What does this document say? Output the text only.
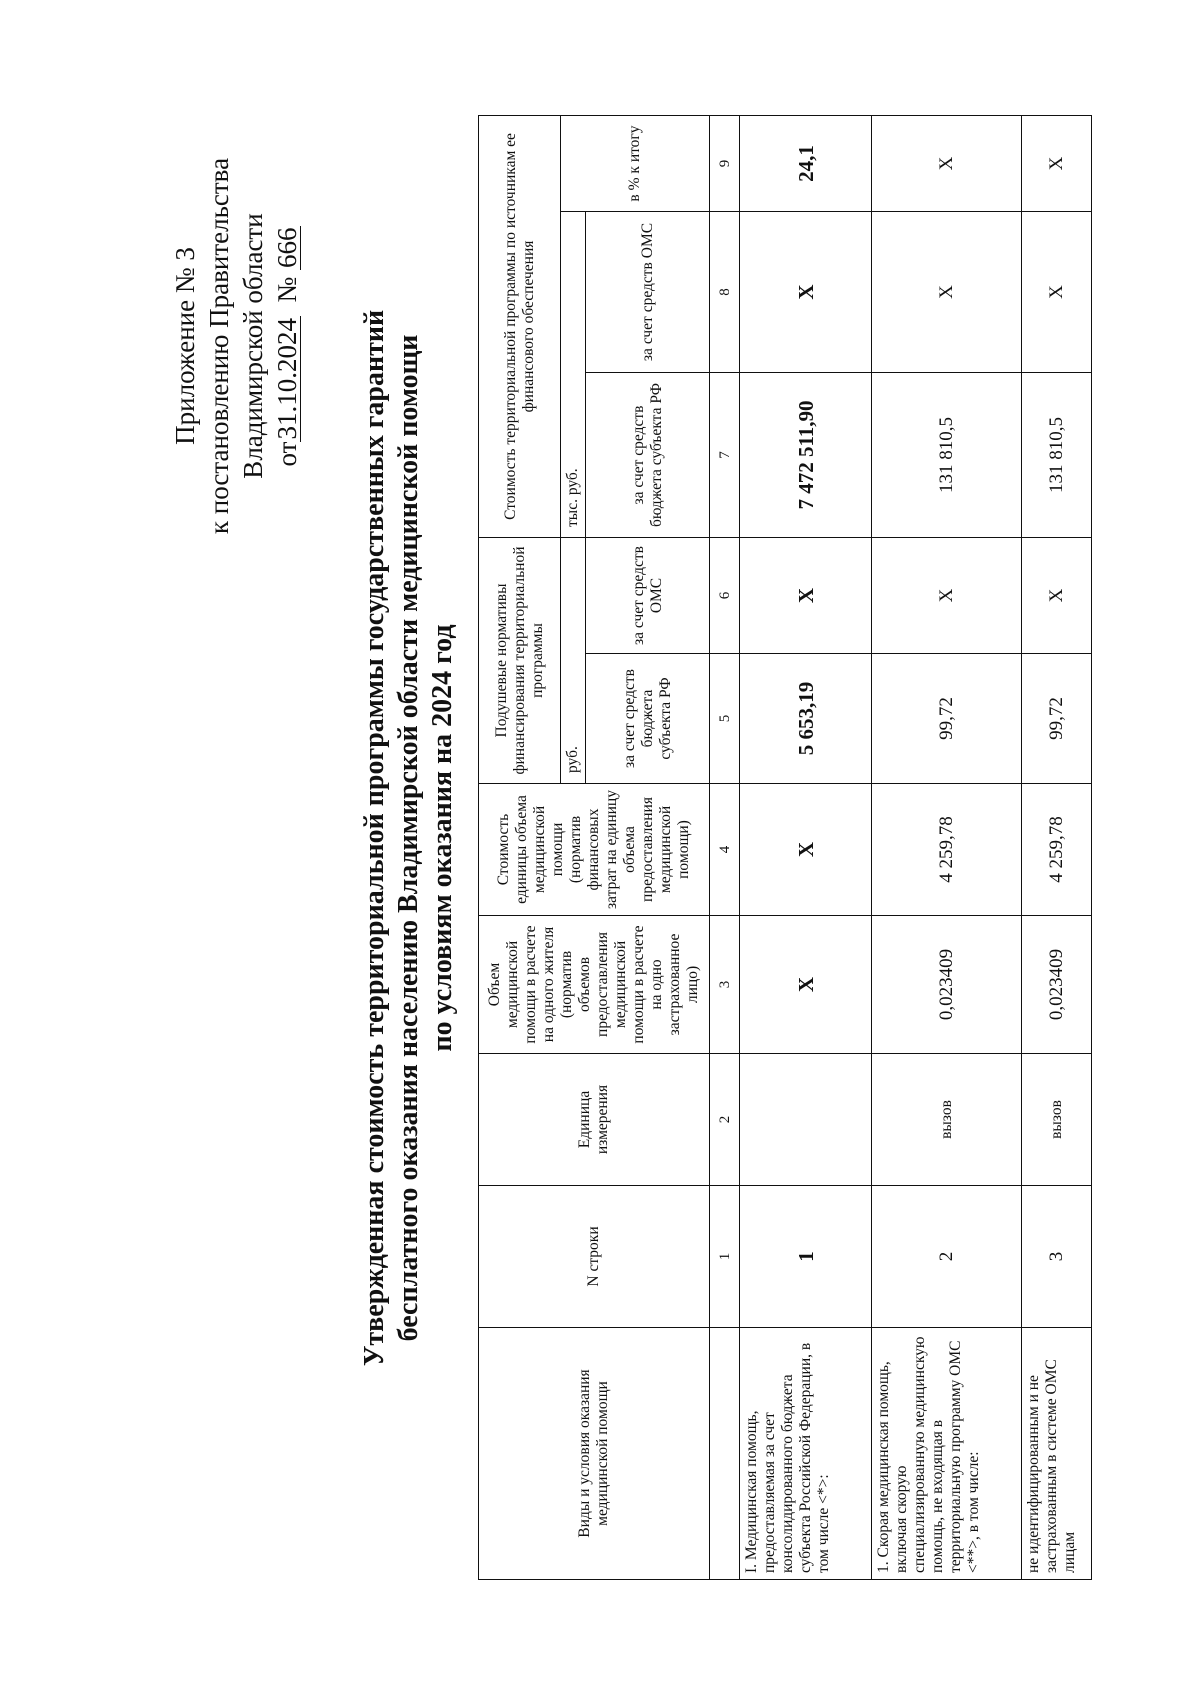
Приложение № 3 к постановлению Правительства Владимирской области от31.10.2024  № 666
Утвержденная стоимость территориальной программы государственных гарантий бесплатного оказания населению Владимирской области медицинской помощи по условиям оказания на 2024 год
Виды и условия оказания медицинской помощи	N строки	Единица измерения	Объем медицинской помощи в расчете на одного жителя (норматив объемов предоставления медицинской помощи в расчете на одно застрахованное лицо)	Стоимость единицы объема медицинской помощи (норматив финансовых затрат на единицу объема предоставления медицинской помощи)	Подушевые нормативы финансирования территориальной программы		Стоимость территориальной программы по источникам ее финансового обеспечения		
					руб.		тыс. руб.		в % к итогу
					за счет средств бюджета субъекта РФ	за счет средств ОМС	за счет средств бюджета субъекта РФ	за счет средств ОМС	
	1	2	3	4	5	6	7	8	9
I. Медицинская помощь, предоставляемая за счет консолидированного бюджета субъекта Российской Федерации, в том числе <*>:	1		X	X	5 653,19	X	7 472 511,90	X	24,1
1. Скорая медицинская помощь, включая скорую специализированную медицинскую помощь, не входящая в территориальную программу ОМС <**>, в том числе:	2	вызов	0,023409	4 259,78	99,72	X	131 810,5	X	X
не идентифицированным и не застрахованным в системе ОМС лицам	3	вызов	0,023409	4 259,78	99,72	X	131 810,5	X	X
